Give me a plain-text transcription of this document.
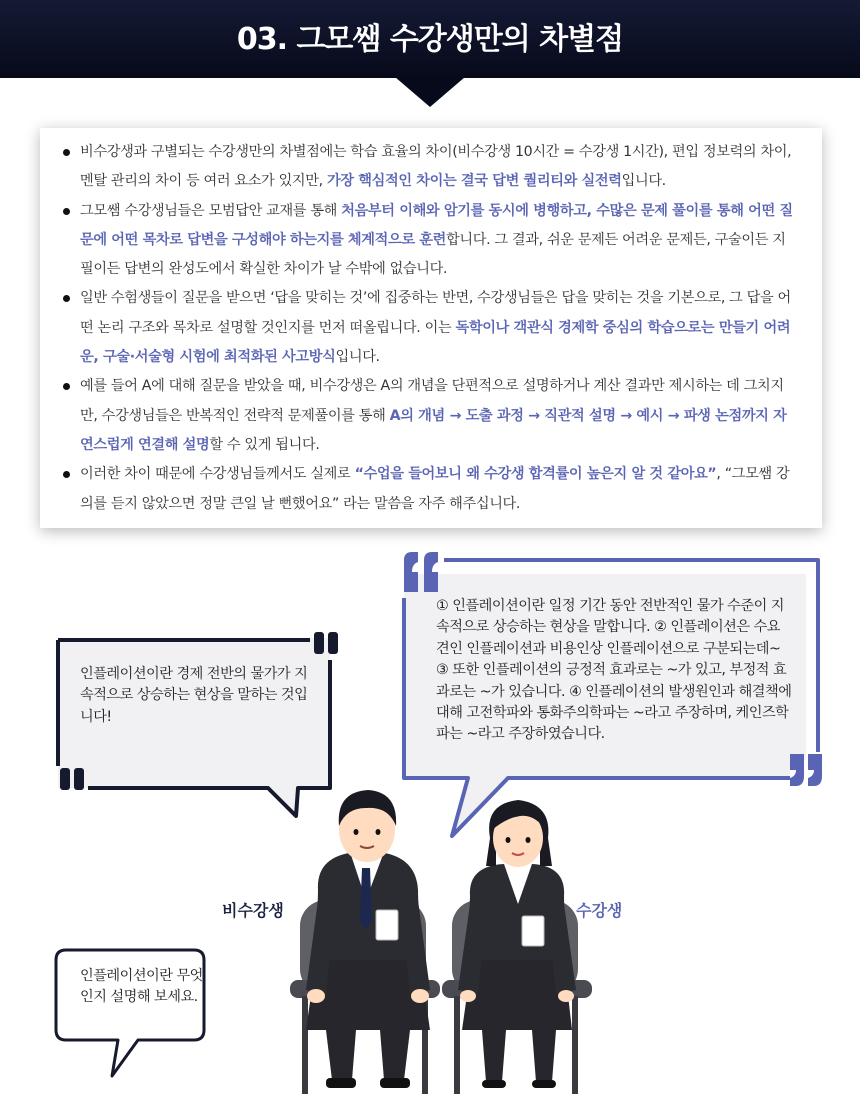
03. 그모쌤 수강생만의 차별점
비수강생과 구별되는 수강생만의 차별점에는 학습 효율의 차이(비수강생 10시간 = 수강생 1시간), 편입 정보력의 차이, 멘탈 관리의 차이 등 여러 요소가 있지만, 가장 핵심적인 차이는 결국 답변 퀄리티와 실전력입니다.
그모쌤 수강생님들은 모범답안 교재를 통해 처음부터 이해와 암기를 동시에 병행하고, 수많은 문제 풀이를 통해 어떤 질문에 어떤 목차로 답변을 구성해야 하는지를 체계적으로 훈련합니다. 그 결과, 쉬운 문제든 어려운 문제든, 구술이든 지필이든 답변의 완성도에서 확실한 차이가 날 수밖에 없습니다.
일반 수험생들이 질문을 받으면 ‘답을 맞히는 것’에 집중하는 반면, 수강생님들은 답을 맞히는 것을 기본으로, 그 답을 어떤 논리 구조와 목차로 설명할 것인지를 먼저 떠올립니다. 이는 독학이나 객관식 경제학 중심의 학습으로는 만들기 어려운, 구술·서술형 시험에 최적화된 사고방식입니다.
예를 들어 A에 대해 질문을 받았을 때, 비수강생은 A의 개념을 단편적으로 설명하거나 계산 결과만 제시하는 데 그치지만, 수강생님들은 반복적인 전략적 문제풀이를 통해 A의 개념 → 도출 과정 → 직관적 설명 → 예시 → 파생 논점까지 자연스럽게 연결해 설명할 수 있게 됩니다.
이러한 차이 때문에 수강생님들께서도 실제로 “수업을 들어보니 왜 수강생 합격률이 높은지 알 것 같아요”, “그모쌤 강의를 듣지 않았으면 정말 큰일 날 뻔했어요” 라는 말씀을 자주 해주십니다.
인플레이션이란 경제 전반의 물가가 지속적으로 상승하는 현상을 말하는 것입니다!
① 인플레이션이란 일정 기간 동안 전반적인 물가 수준이 지속적으로 상승하는 현상을 말합니다. ② 인플레이션은 수요견인 인플레이션과 비용인상 인플레이션으로 구분되는데~ ③ 또한 인플레이션의 긍정적 효과로는 ~가 있고, 부정적 효과로는 ~가 있습니다. ④ 인플레이션의 발생원인과 해결책에 대해 고전학파와 통화주의학파는 ~라고 주장하며, 케인즈학파는 ~라고 주장하였습니다.
인플레이션이란 무엇인지 설명해 보세요.
비수강생	수강생
